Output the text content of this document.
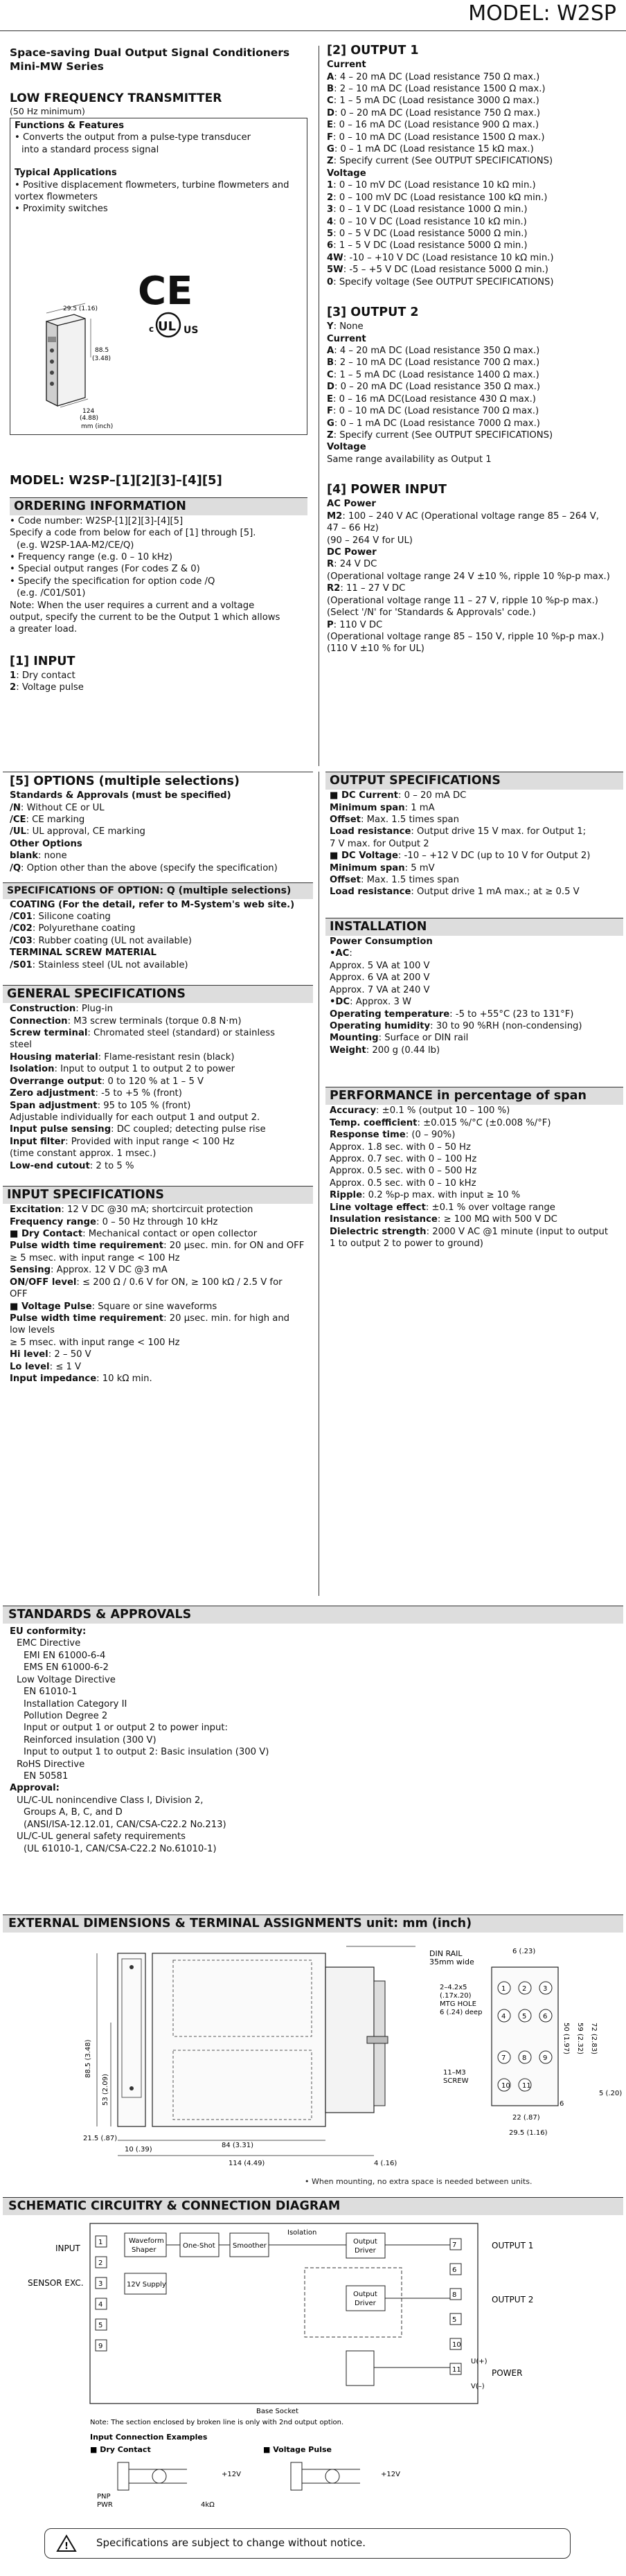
MODEL: W2SP
Space-saving Dual Output Signal Conditioners
Mini-MW Series
LOW FREQUENCY TRANSMITTER
(50 Hz minimum)
Functions & Features
• Converts the output from a pulse-type transducer
into a standard process signal
Typical Applications
• Positive displacement flowmeters, turbine flowmeters and
vortex flowmeters
• Proximity switches
CE
UL
c	US
29.5 (1.16)
88.5
(3.48)
124
(4.88)
mm (inch)
MODEL: W2SP–[1][2][3]–[4][5]
ORDERING INFORMATION
• Code number: W2SP-[1][2][3]-[4][5]
Specify a code from below for each of [1] through [5].
(e.g. W2SP-1AA-M2/CE/Q)
• Frequency range (e.g. 0 – 10 kHz)
• Special output ranges (For codes Z & 0)
• Specify the specification for option code /Q
(e.g. /C01/S01)
Note: When the user requires a current and a voltage
output, specify the current to be the Output 1 which allows
a greater load.
[1] INPUT
1: Dry contact
2: Voltage pulse
[2] OUTPUT 1
Current
A: 4 – 20 mA DC (Load resistance 750 Ω max.)
B: 2 – 10 mA DC (Load resistance 1500 Ω max.)
C: 1 – 5 mA DC (Load resistance 3000 Ω max.)
D: 0 – 20 mA DC (Load resistance 750 Ω max.)
E: 0 – 16 mA DC (Load resistance 900 Ω max.)
F: 0 – 10 mA DC (Load resistance 1500 Ω max.)
G: 0 – 1 mA DC (Load resistance 15 kΩ max.)
Z: Specify current (See OUTPUT SPECIFICATIONS)
Voltage
1: 0 – 10 mV DC (Load resistance 10 kΩ min.)
2: 0 – 100 mV DC (Load resistance 100 kΩ min.)
3: 0 – 1 V DC (Load resistance 1000 Ω min.)
4: 0 – 10 V DC (Load resistance 10 kΩ min.)
5: 0 – 5 V DC (Load resistance 5000 Ω min.)
6: 1 – 5 V DC (Load resistance 5000 Ω min.)
4W: -10 – +10 V DC (Load resistance 10 kΩ min.)
5W: -5 – +5 V DC (Load resistance 5000 Ω min.)
0: Specify voltage (See OUTPUT SPECIFICATIONS)
[3] OUTPUT 2
Y: None
Current
A: 4 – 20 mA DC (Load resistance 350 Ω max.)
B: 2 – 10 mA DC (Load resistance 700 Ω max.)
C: 1 – 5 mA DC (Load resistance 1400 Ω max.)
D: 0 – 20 mA DC (Load resistance 350 Ω max.)
E: 0 – 16 mA DC(Load resistance 430 Ω max.)
F: 0 – 10 mA DC (Load resistance 700 Ω max.)
G: 0 – 1 mA DC (Load resistance 7000 Ω max.)
Z: Specify current (See OUTPUT SPECIFICATIONS)
Voltage
Same range availability as Output 1
[4] POWER INPUT
AC Power
M2: 100 – 240 V AC (Operational voltage range 85 – 264 V,
47 – 66 Hz)
(90 – 264 V for UL)
DC Power
R: 24 V DC
(Operational voltage range 24 V ±10 %, ripple 10 %p-p max.)
R2: 11 – 27 V DC
(Operational voltage range 11 – 27 V, ripple 10 %p-p max.)
(Select '/N' for 'Standards & Approvals' code.)
P: 110 V DC
(Operational voltage range 85 – 150 V, ripple 10 %p-p max.)
(110 V ±10 % for UL)
[5] OPTIONS (multiple selections)
Standards & Approvals (must be specified)
/N: Without CE or UL
/CE: CE marking
/UL: UL approval, CE marking
Other Options
blank: none
/Q: Option other than the above (specify the specification)
SPECIFICATIONS OF OPTION: Q (multiple selections)
COATING (For the detail, refer to M-System's web site.)
/C01: Silicone coating
/C02: Polyurethane coating
/C03: Rubber coating (UL not available)
TERMINAL SCREW MATERIAL
/S01: Stainless steel (UL not available)
GENERAL SPECIFICATIONS
Construction: Plug-in
Connection: M3 screw terminals (torque 0.8 N·m)
Screw terminal: Chromated steel (standard) or stainless
steel
Housing material: Flame-resistant resin (black)
Isolation: Input to output 1 to output 2 to power
Overrange output: 0 to 120 % at 1 – 5 V
Zero adjustment: -5 to +5 % (front)
Span adjustment: 95 to 105 % (front)
Adjustable individually for each output 1 and output 2.
Input pulse sensing: DC coupled; detecting pulse rise
Input filter: Provided with input range < 100 Hz
(time constant approx. 1 msec.)
Low-end cutout: 2 to 5 %
INPUT SPECIFICATIONS
Excitation: 12 V DC @30 mA; shortcircuit protection
Frequency range: 0 – 50 Hz through 10 kHz
■ Dry Contact: Mechanical contact or open collector
Pulse width time requirement: 20 μsec. min. for ON and OFF
≥ 5 msec. with input range < 100 Hz
Sensing: Approx. 12 V DC @3 mA
ON/OFF level: ≤ 200 Ω / 0.6 V for ON, ≥ 100 kΩ / 2.5 V for
OFF
■ Voltage Pulse: Square or sine waveforms
Pulse width time requirement: 20 μsec. min. for high and
low levels
≥ 5 msec. with input range < 100 Hz
Hi level: 2 – 50 V
Lo level: ≤ 1 V
Input impedance: 10 kΩ min.
OUTPUT SPECIFICATIONS
■ DC Current: 0 – 20 mA DC
Minimum span: 1 mA
Offset: Max. 1.5 times span
Load resistance: Output drive 15 V max. for Output 1;
7 V max. for Output 2
■ DC Voltage: -10 – +12 V DC (up to 10 V for Output 2)
Minimum span: 5 mV
Offset: Max. 1.5 times span
Load resistance: Output drive 1 mA max.; at ≥ 0.5 V
INSTALLATION
Power Consumption
•AC:
Approx. 5 VA at 100 V
Approx. 6 VA at 200 V
Approx. 7 VA at 240 V
•DC: Approx. 3 W
Operating temperature: -5 to +55°C (23 to 131°F)
Operating humidity: 30 to 90 %RH (non-condensing)
Mounting: Surface or DIN rail
Weight: 200 g (0.44 lb)
PERFORMANCE in percentage of span
Accuracy: ±0.1 % (output 10 – 100 %)
Temp. coefficient: ±0.015 %/°C (±0.008 %/°F)
Response time: (0 – 90%)
Approx. 1.8 sec. with 0 – 50 Hz
Approx. 0.7 sec. with 0 – 100 Hz
Approx. 0.5 sec. with 0 – 500 Hz
Approx. 0.5 sec. with 0 – 10 kHz
Ripple: 0.2 %p-p max. with input ≥ 10 %
Line voltage effect: ±0.1 % over voltage range
Insulation resistance: ≥ 100 MΩ with 500 V DC
Dielectric strength: 2000 V AC @1 minute (input to output
1 to output 2 to power to ground)
STANDARDS & APPROVALS
EU conformity:
EMC Directive
EMI EN 61000-6-4
EMS EN 61000-6-2
Low Voltage Directive
EN 61010-1
Installation Category II
Pollution Degree 2
Input or output 1 or output 2 to power input:
Reinforced insulation (300 V)
Input to output 1 to output 2: Basic insulation (300 V)
RoHS Directive
EN 50581
Approval:
UL/C-UL nonincendive Class I, Division 2,
Groups A, B, C, and D
(ANSI/ISA-12.12.01, CAN/CSA-C22.2 No.213)
UL/C-UL general safety requirements
(UL 61010-1, CAN/CSA-C22.2 No.61010-1)
EXTERNAL DIMENSIONS & TERMINAL ASSIGNMENTS unit: mm (inch)
DIN RAIL
35mm wide
2–4.2x5
(.17x.20)
MTG HOLE
6 (.24) deep
11–M3
SCREW
1 2 3
4 5 6
7 8 9
10 11
6 (.23)
22 (.87)
29.5 (1.16)
50 (1.97) 59 (2.32) 72 (2.83)
5 (.20)
6
88.5 (3.48)
53 (2.09)
21.5 (.87)
10 (.39)
84 (3.31)
114 (4.49)	4 (.16)
• When mounting, no extra space is needed between units.
SCHEMATIC CIRCUITRY & CONNECTION DIAGRAM
Base Socket
INPUT
SENSOR EXC.
1
2
3
4
5
9
7
6
8
5
10
11
Waveform
Shaper
One-Shot	Smoother
12V Supply
Isolation
Output
Driver
Output
Driver
OUTPUT 1
OUTPUT 2
POWER
U(+)
V(–)
Note: The section enclosed by broken line is only with 2nd output option.
Input Connection Examples
■ Dry Contact	■ Voltage Pulse
PNP
PWR
+12V
4kΩ
+12V
!	Specifications are subject to change without notice.
